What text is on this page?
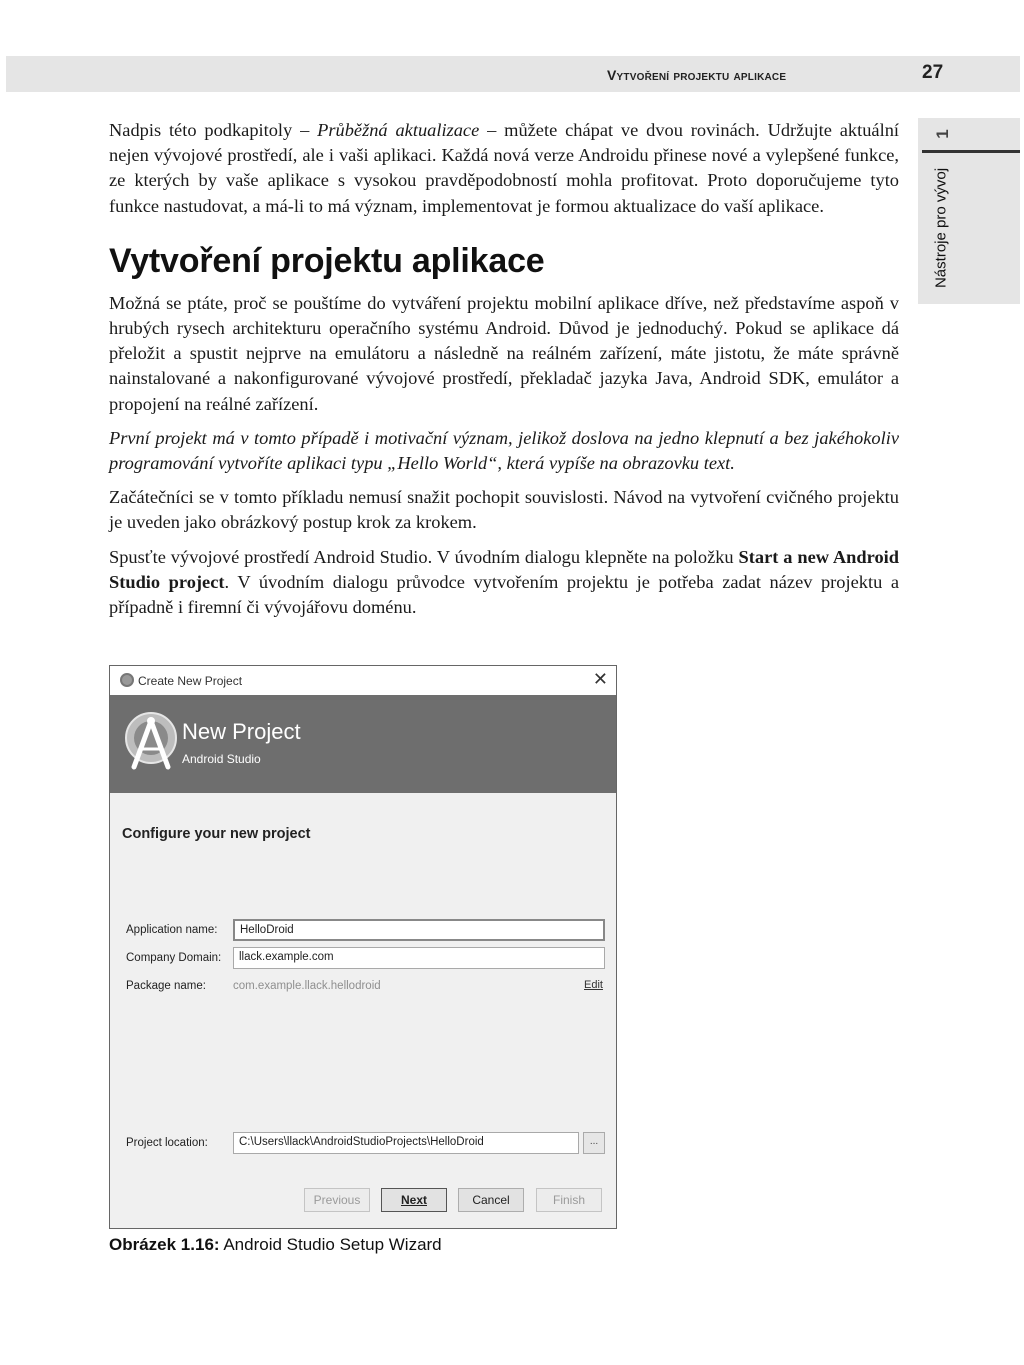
Vytvoření projektu aplikace	27
1
Nástroje pro vývoj

Nadpis této podkapitoly – Průběžná aktualizace – můžete chápat ve dvou rovinách. Udržujte aktuální nejen vývojové prostředí, ale i vaši aplikaci. Každá nová verze Androidu přinese nové a vylepšené funkce, ze kterých by vaše aplikace s vysokou pravděpodobností mohla profitovat. Proto doporučujeme tyto funkce nastudovat, a má-li to má význam, implementovat je formou aktualizace do vaší aplikace.

Vytvoření projektu aplikace

Možná se ptáte, proč se pouštíme do vytváření projektu mobilní aplikace dříve, než představíme aspoň v hrubých rysech architekturu operačního systému Android. Důvod je jednoduchý. Pokud se aplikace dá přeložit a spustit nejprve na emulátoru a následně na reálném zařízení, máte jistotu, že máte správně nainstalované a nakonfigurované vývojové prostředí, překladač jazyka Java, Android SDK, emulátor a propojení na reálné zařízení.

První projekt má v tomto případě i motivační význam, jelikož doslova na jedno klepnutí a bez jakéhokoliv programování vytvoříte aplikaci typu „Hello World“, která vypíše na obrazovku text.

Začátečníci se v tomto příkladu nemusí snažit pochopit souvislosti. Návod na vytvoření cvičného projektu je uveden jako obrázkový postup krok za krokem.

Spusťte vývojové prostředí Android Studio. V úvodním dialogu klepněte na položku Start a new Android Studio project. V úvodním dialogu průvodce vytvořením projektu je potřeba zadat název projektu a případně i firemní či vývojářovu doménu.

Create New Project	✕
New Project
Android Studio
Configure your new project
Application name:	HelloDroid
Company Domain:	llack.example.com
Package name: com.example.llack.hellodroid	Edit
Project location:	C:\Users\llack\AndroidStudioProjects\HelloDroid	...
Previous	Next	Cancel	Finish
Obrázek 1.16: Android Studio Setup Wizard
